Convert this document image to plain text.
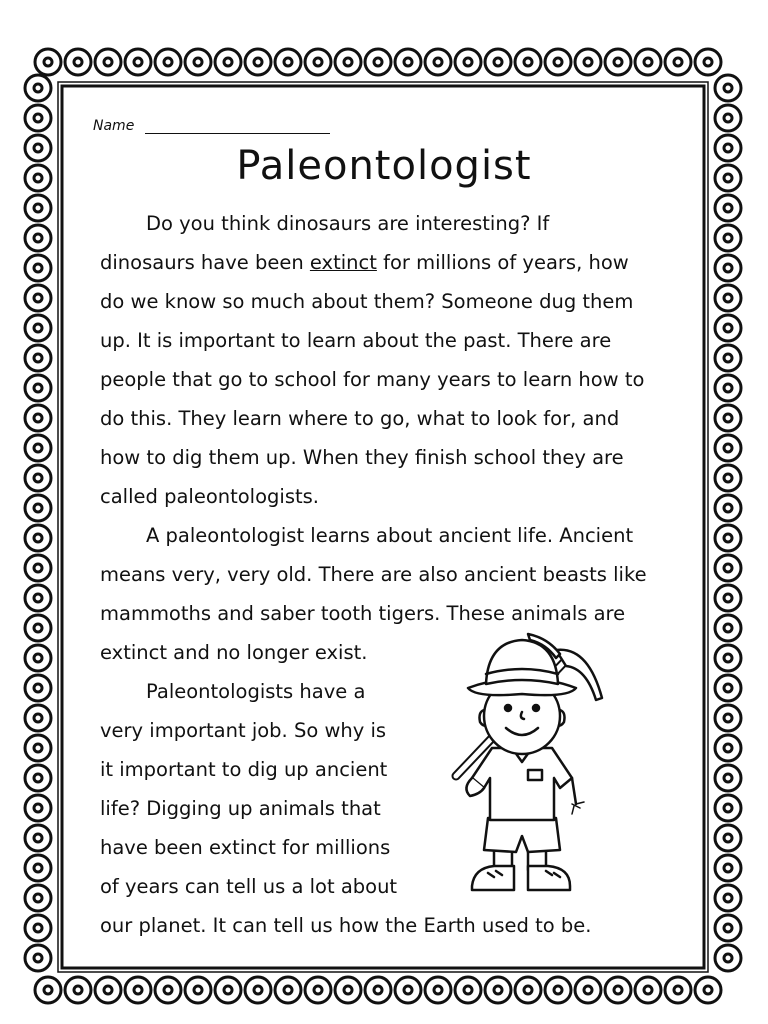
Name
Paleontologist
Do you think dinosaurs are interesting? If
dinosaurs have been extinct for millions of years, how
do we know so much about them? Someone dug them
up. It is important to learn about the past. There are
people that go to school for many years to learn how to
do this. They learn where to go, what to look for, and
how to dig them up. When they finish school they are
called paleontologists.
A paleontologist learns about ancient life. Ancient
means very, very old. There are also ancient beasts like
mammoths and saber tooth tigers. These animals are
extinct and no longer exist.
Paleontologists have a
very important job. So why is
it important to dig up ancient
life? Digging up animals that
have been extinct for millions
of years can tell us a lot about
our planet. It can tell us how the Earth used to be.
